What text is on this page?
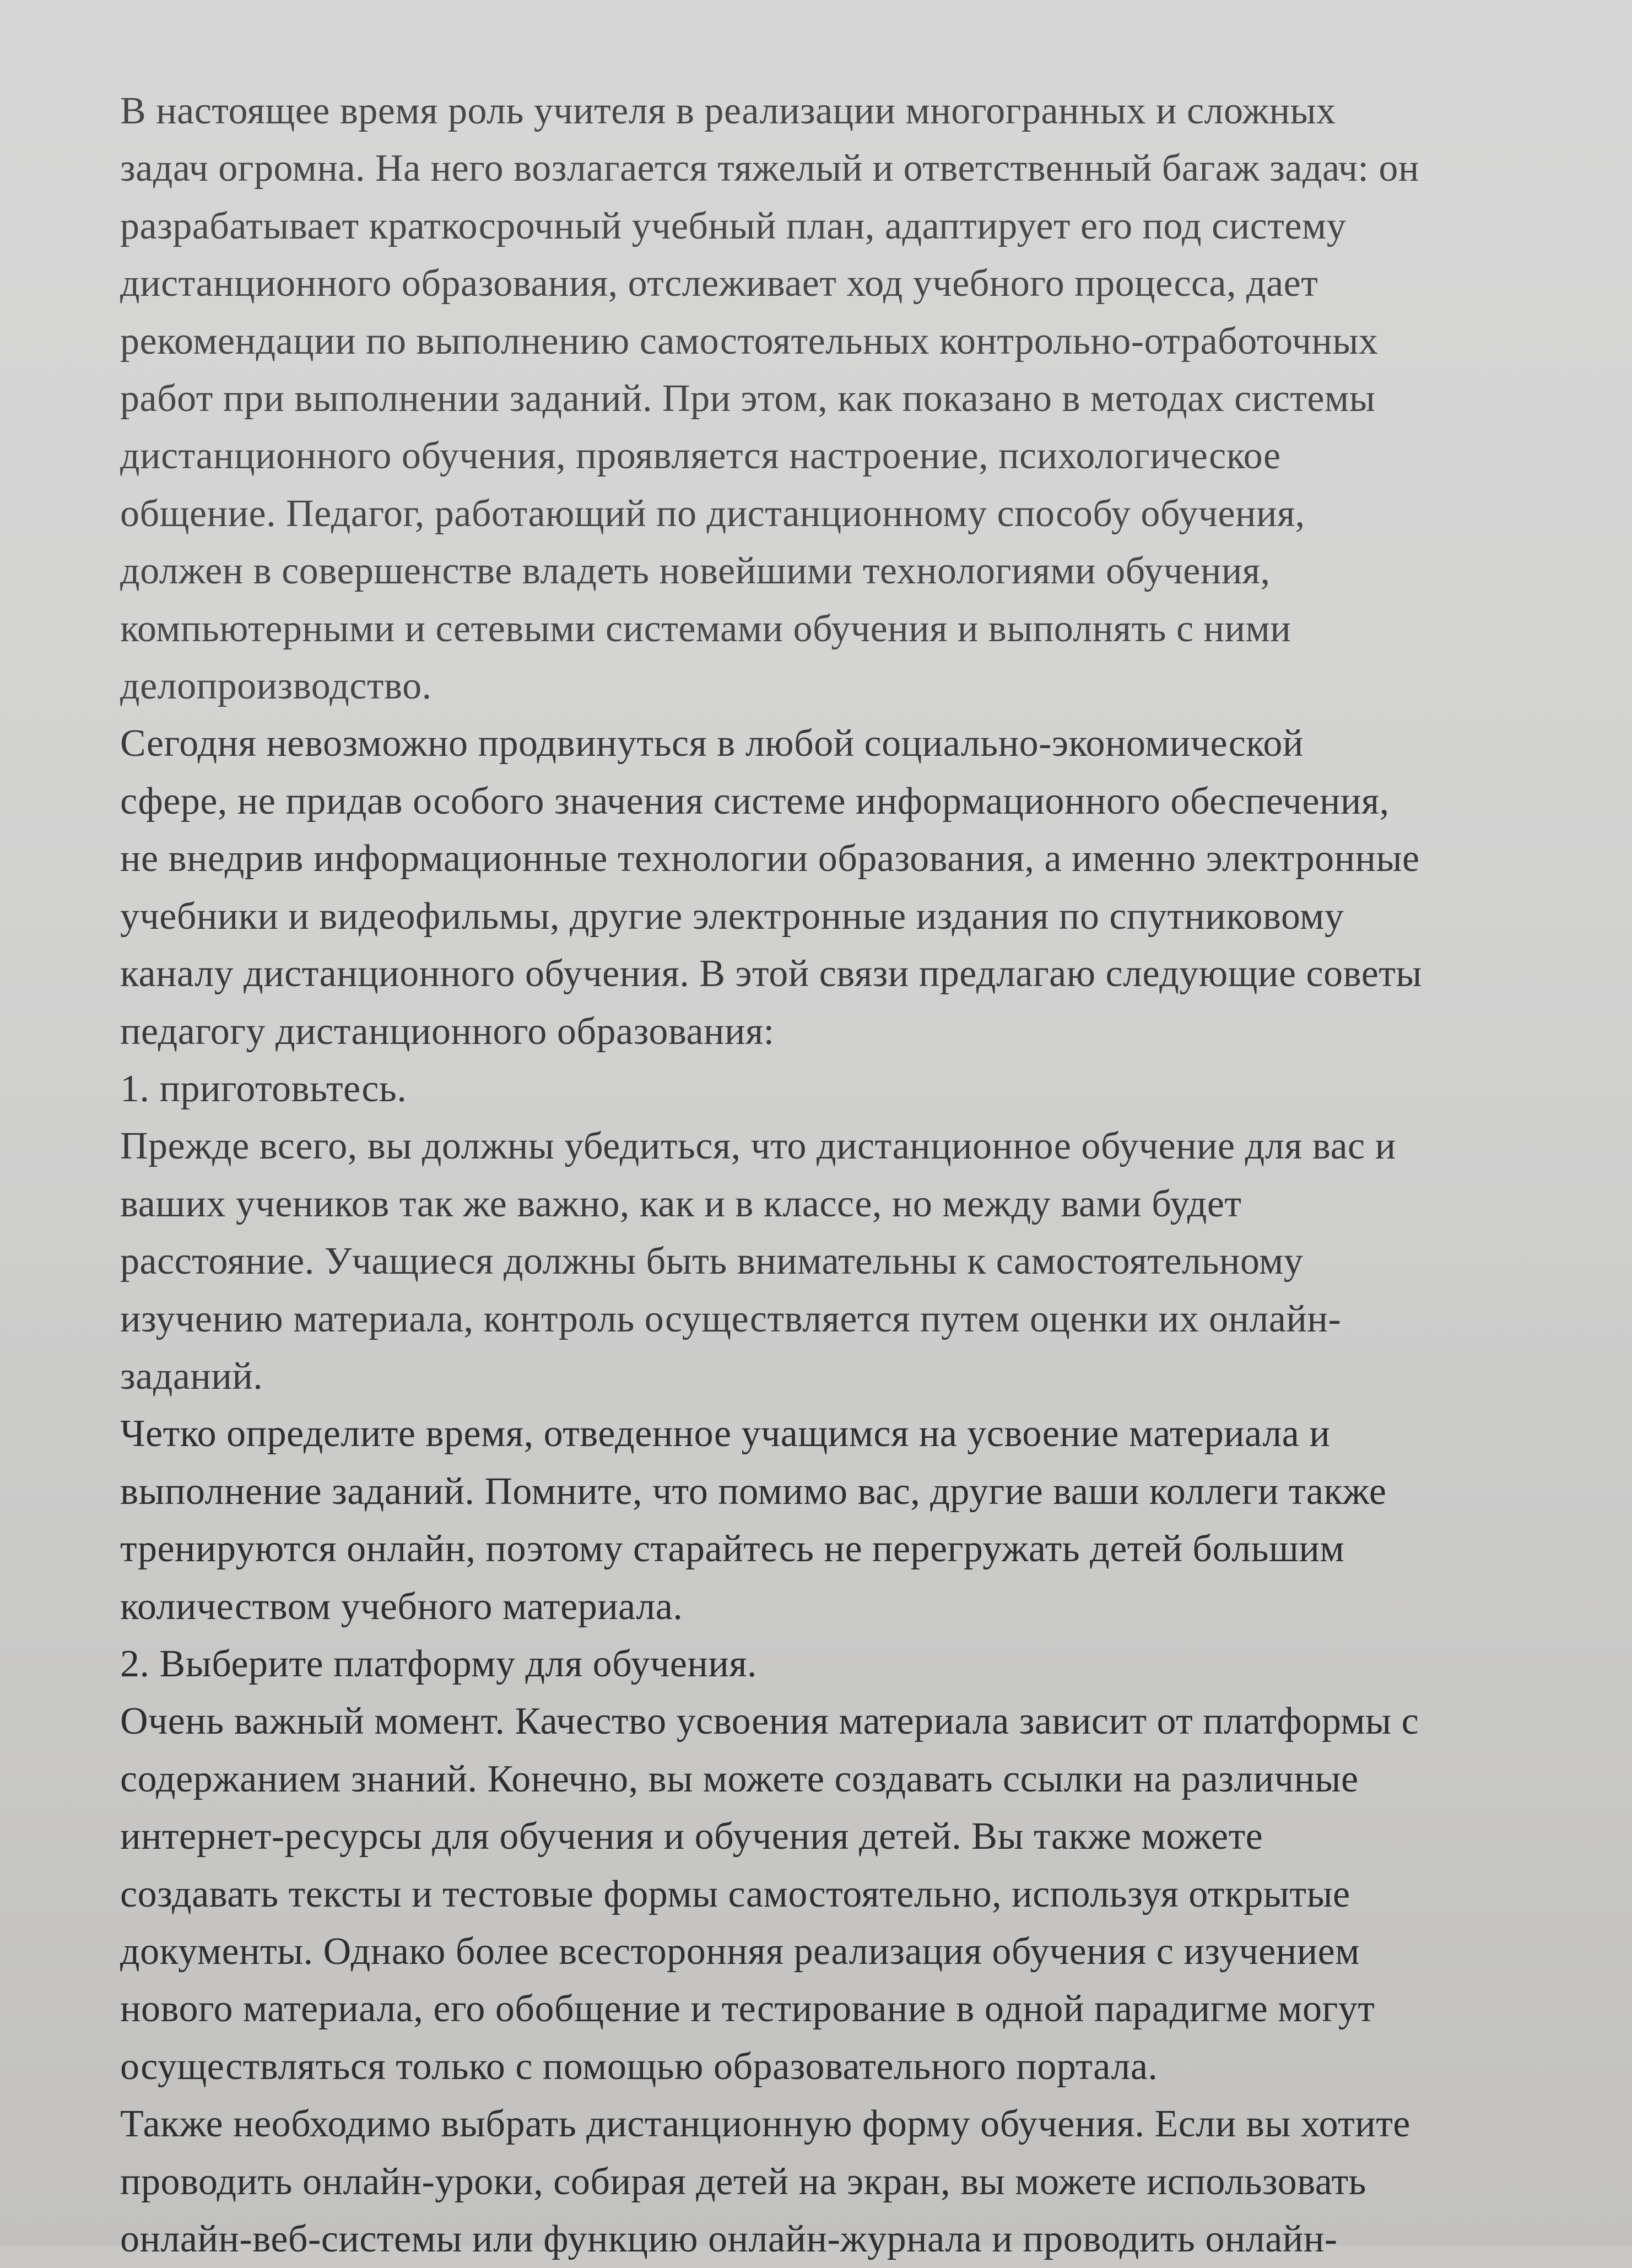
В настоящее время роль учителя в реализации многогранных и сложных
задач огромна. На него возлагается тяжелый и ответственный багаж задач: он
разрабатывает краткосрочный учебный план, адаптирует его под систему
дистанционного образования, отслеживает ход учебного процесса, дает
рекомендации по выполнению самостоятельных контрольно-отработочных
работ при выполнении заданий. При этом, как показано в методах системы
дистанционного обучения, проявляется настроение, психологическое
общение. Педагог, работающий по дистанционному способу обучения,
должен в совершенстве владеть новейшими технологиями обучения,
компьютерными и сетевыми системами обучения и выполнять с ними
делопроизводство.
Сегодня невозможно продвинуться в любой социально-экономической
сфере, не придав особого значения системе информационного обеспечения,
не внедрив информационные технологии образования, а именно электронные
учебники и видеофильмы, другие электронные издания по спутниковому
каналу дистанционного обучения. В этой связи предлагаю следующие советы
педагогу дистанционного образования:
1. приготовьтесь.
Прежде всего, вы должны убедиться, что дистанционное обучение для вас и
ваших учеников так же важно, как и в классе, но между вами будет
расстояние. Учащиеся должны быть внимательны к самостоятельному
изучению материала, контроль осуществляется путем оценки их онлайн-
заданий.
Четко определите время, отведенное учащимся на усвоение материала и
выполнение заданий. Помните, что помимо вас, другие ваши коллеги также
тренируются онлайн, поэтому старайтесь не перегружать детей большим
количеством учебного материала.
2. Выберите платформу для обучения.
Очень важный момент. Качество усвоения материала зависит от платформы с
содержанием знаний. Конечно, вы можете создавать ссылки на различные
интернет-ресурсы для обучения и обучения детей. Вы также можете
создавать тексты и тестовые формы самостоятельно, используя открытые
документы. Однако более всесторонняя реализация обучения с изучением
нового материала, его обобщение и тестирование в одной парадигме могут
осуществляться только с помощью образовательного портала.
Также необходимо выбрать дистанционную форму обучения. Если вы хотите
проводить онлайн-уроки, собирая детей на экран, вы можете использовать
онлайн-веб-системы или функцию онлайн-журнала и проводить онлайн-
